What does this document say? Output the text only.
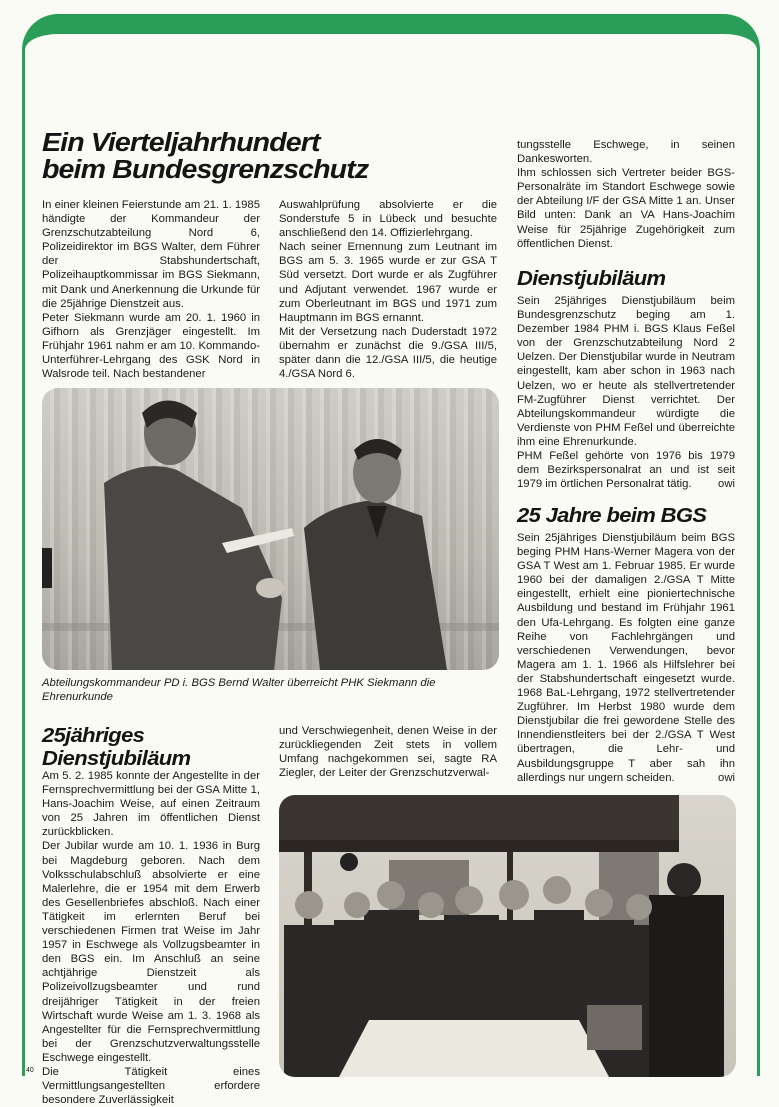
Ein Vierteljahrhundert
beim Bundesgrenzschutz

In einer kleinen Feierstunde am 21. 1. 1985 händigte der Kommandeur der Grenzschutzabteilung Nord 6, Polizeidirektor im BGS Walter, dem Führer der Stabshundertschaft, Polizeihauptkommissar im BGS Siekmann, mit Dank und Anerkennung die Urkunde für die 25jährige Dienstzeit aus.

Peter Siekmann wurde am 20. 1. 1960 in Gifhorn als Grenzjäger eingestellt. Im Frühjahr 1961 nahm er am 10. Kommando-Unterführer-Lehrgang des GSK Nord in Walsrode teil. Nach bestandener

Auswahlprüfung absolvierte er die Sonderstufe 5 in Lübeck und besuchte anschließend den 14. Offizierlehrgang.

Nach seiner Ernennung zum Leutnant im BGS am 5. 3. 1965 wurde er zur GSA T Süd versetzt. Dort wurde er als Zugführer und Adjutant verwendet. 1967 wurde er zum Oberleutnant im BGS und 1971 zum Hauptmann im BGS ernannt.

Mit der Versetzung nach Duderstadt 1972 übernahm er zunächst die 9./GSA III/5, später dann die 12./GSA III/5, die heutige 4./GSA Nord 6.

Abteilungskommandeur PD i. BGS Bernd Walter überreicht PHK Siekmann die Ehrenurkunde
25jähriges
Dienstjubiläum

Am 5. 2. 1985 konnte der Angestellte in der Fernsprechvermittlung bei der GSA Mitte 1, Hans-Joachim Weise, auf einen Zeitraum von 25 Jahren im öffentlichen Dienst zurückblicken.

Der Jubilar wurde am 10. 1. 1936 in Burg bei Magdeburg geboren. Nach dem Volksschulabschluß absolvierte er eine Malerlehre, die er 1954 mit dem Erwerb des Gesellenbriefes abschloß. Nach einer Tätigkeit im erlernten Beruf bei verschiedenen Firmen trat Weise im Jahr 1957 in Eschwege als Vollzugsbeamter in den BGS ein. Im Anschluß an seine achtjährige Dienstzeit als Polizeivollzugsbeamter und rund dreijähriger Tätigkeit in der freien Wirtschaft wurde Weise am 1. 3. 1968 als Angestellter für die Fernsprechvermittlung bei der Grenzschutzverwaltungsstelle Eschwege eingestellt.

Die Tätigkeit eines Vermittlungsangestellten erfordere besondere Zuverlässigkeit

und Verschwiegenheit, denen Weise in der zurückliegenden Zeit stets in vollem Umfang nachgekommen sei, sagte RA Ziegler, der Leiter der Grenzschutzverwal-

tungsstelle Eschwege, in seinen Dankesworten.

Ihm schlossen sich Vertreter beider BGS-Personalräte im Standort Eschwege sowie der Abteilung I/F der GSA Mitte 1 an. Unser Bild unten: Dank an VA Hans-Joachim Weise für 25jährige Zugehörigkeit zum öffentlichen Dienst.

Dienstjubiläum

Sein 25jähriges Dienstjubiläum beim Bundesgrenzschutz beging am 1. Dezember 1984 PHM i. BGS Klaus Feßel von der Grenzschutzabteilung Nord 2 Uelzen. Der Dienstjubilar wurde in Neutram eingestellt, kam aber schon in 1963 nach Uelzen, wo er heute als stellvertretender FM-Zugführer Dienst verrichtet. Der Abteilungskommandeur würdigte die Verdienste von PHM Feßel und überreichte ihm eine Ehrenurkunde.

PHM Feßel gehörte von 1976 bis 1979 dem Bezirkspersonalrat an und ist seit 1979 im örtlichen Personalrat tätig. owi

25 Jahre beim BGS

Sein 25jähriges Dienstjubiläum beim BGS beging PHM Hans-Werner Magera von der GSA T West am 1. Februar 1985. Er wurde 1960 bei der damaligen 2./GSA T Mitte eingestellt, erhielt eine pioniertechnische Ausbildung und bestand im Frühjahr 1961 den Ufa-Lehrgang. Es folgten eine ganze Reihe von Fachlehrgängen und verschiedenen Verwendungen, bevor Magera am 1. 1. 1966 als Hilfslehrer bei der Stabshundertschaft eingesetzt wurde. 1968 BaL-Lehrgang, 1972 stellvertretender Zugführer. Im Herbst 1980 wurde dem Dienstjubilar die frei gewordene Stelle des Innendienstleiters bei der 2./GSA T West übertragen, die Lehr- und Ausbildungsgruppe T aber sah ihn allerdings nur ungern scheiden.	owi

40
